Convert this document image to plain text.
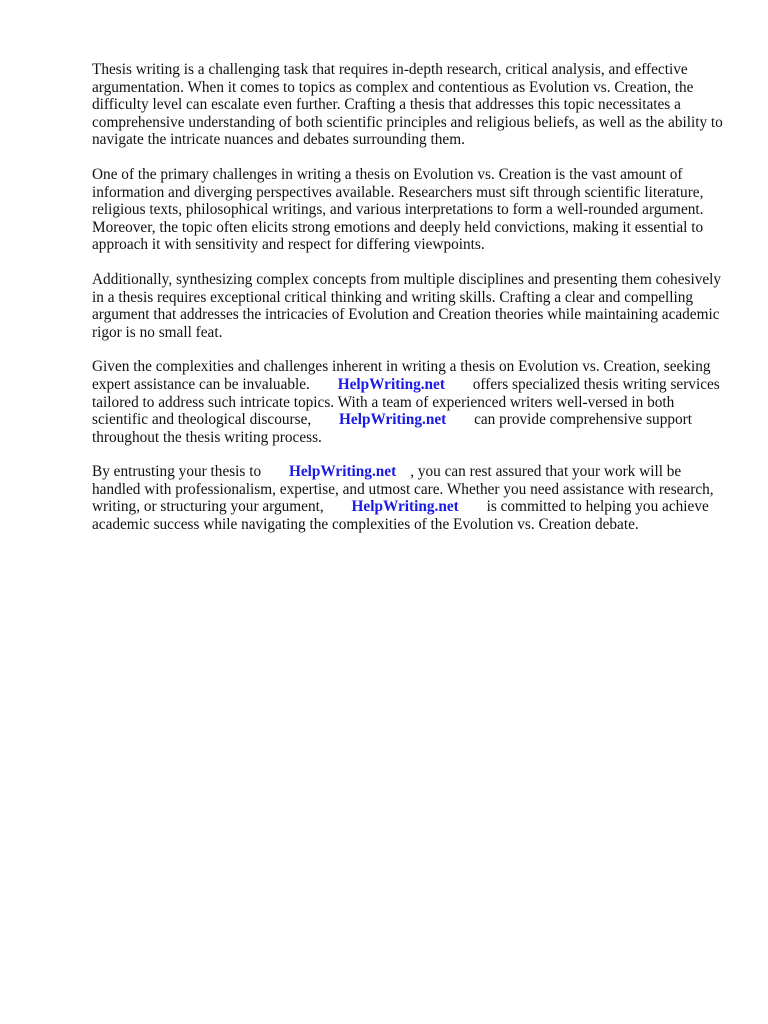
Thesis writing is a challenging task that requires in-depth research, critical analysis, and effective argumentation. When it comes to topics as complex and contentious as Evolution vs. Creation, the difficulty level can escalate even further. Crafting a thesis that addresses this topic necessitates a comprehensive understanding of both scientific principles and religious beliefs, as well as the ability to navigate the intricate nuances and debates surrounding them.

One of the primary challenges in writing a thesis on Evolution vs. Creation is the vast amount of information and diverging perspectives available. Researchers must sift through scientific literature, religious texts, philosophical writings, and various interpretations to form a well-rounded argument. Moreover, the topic often elicits strong emotions and deeply held convictions, making it essential to approach it with sensitivity and respect for differing viewpoints.

Additionally, synthesizing complex concepts from multiple disciplines and presenting them cohesively in a thesis requires exceptional critical thinking and writing skills. Crafting a clear and compelling argument that addresses the intricacies of Evolution and Creation theories while maintaining academic rigor is no small feat.

Given the complexities and challenges inherent in writing a thesis on Evolution vs. Creation, seeking expert assistance can be invaluable. HelpWriting.net offers specialized thesis writing services tailored to address such intricate topics. With a team of experienced writers well-versed in both scientific and theological discourse, HelpWriting.net can provide comprehensive support throughout the thesis writing process.

By entrusting your thesis to HelpWriting.net , you can rest assured that your work will be handled with professionalism, expertise, and utmost care. Whether you need assistance with research, writing, or structuring your argument, HelpWriting.net is committed to helping you achieve academic success while navigating the complexities of the Evolution vs. Creation debate.
